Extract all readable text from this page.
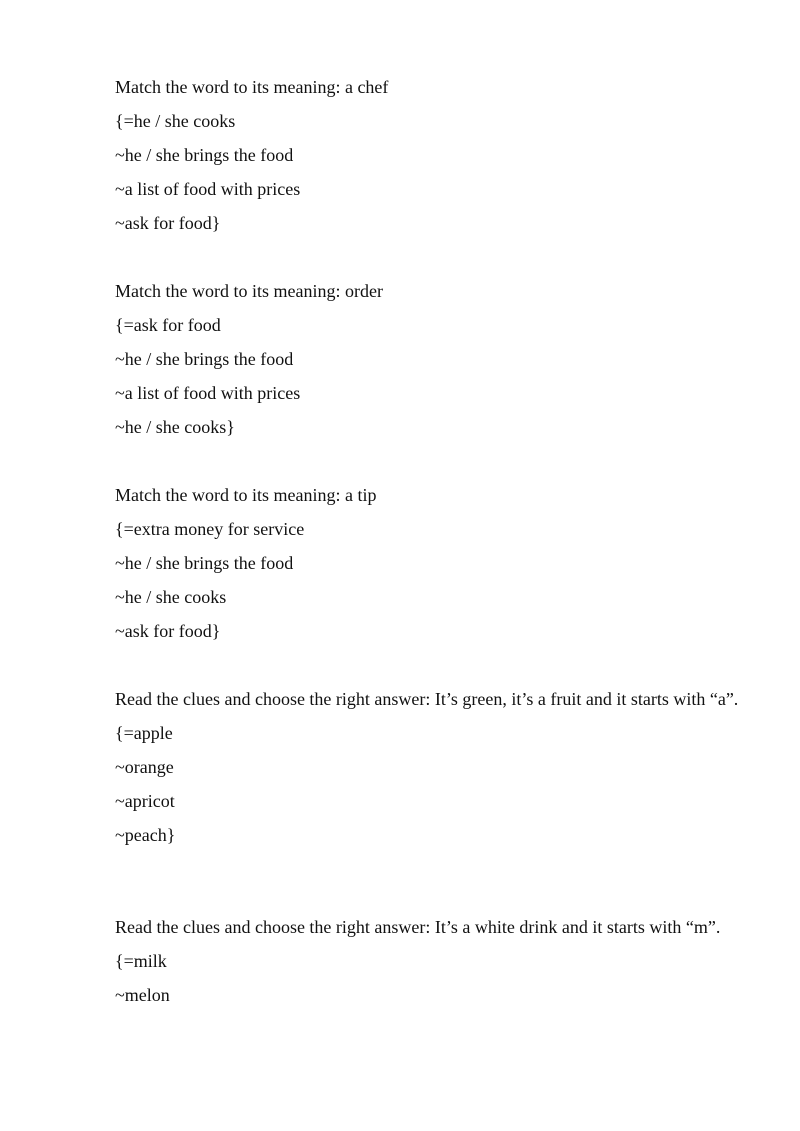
Match the word to its meaning: a chef

{=he / she cooks

~he / she brings the food

~a list of food with prices

~ask for food}

Match the word to its meaning: order

{=ask for food

~he / she brings the food

~a list of food with prices

~he / she cooks}

Match the word to its meaning: a tip

{=extra money for service

~he / she brings the food

~he / she cooks

~ask for food}

Read the clues and choose the right answer: It’s green, it’s a fruit and it starts with “a”.

{=apple

~orange

~apricot

~peach}

Read the clues and choose the right answer: It’s a white drink and it starts with “m”.

{=milk

~melon
